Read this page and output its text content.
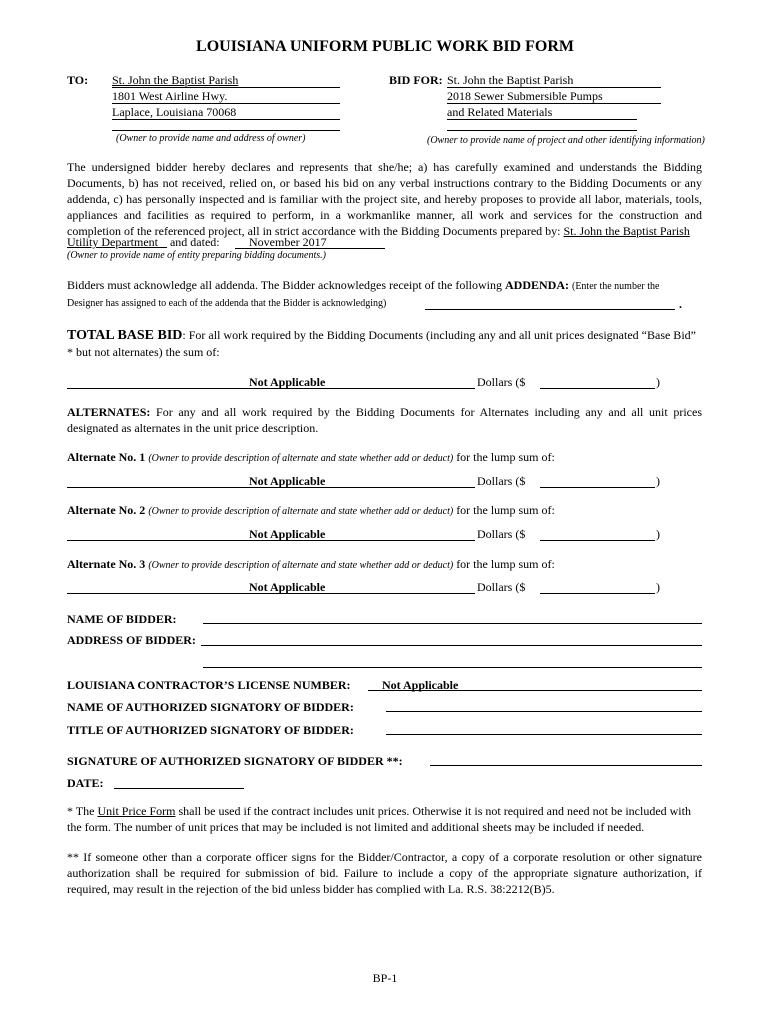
LOUISIANA UNIFORM PUBLIC WORK BID FORM
TO: St. John the Baptist Parish
1801 West Airline Hwy.
Laplace, Louisiana 70068
(Owner to provide name and address of owner)
BID FOR: St. John the Baptist Parish
2018 Sewer Submersible Pumps
and Related Materials
(Owner to provide name of project and other identifying information)
The undersigned bidder hereby declares and represents that she/he; a) has carefully examined and understands the Bidding Documents, b) has not received, relied on, or based his bid on any verbal instructions contrary to the Bidding Documents or any addenda, c) has personally inspected and is familiar with the project site, and hereby proposes to provide all labor, materials, tools, appliances and facilities as required to perform, in a workmanlike manner, all work and services for the construction and completion of the referenced project, all in strict accordance with the Bidding Documents prepared by: St. John the Baptist Parish
Utility Department and dated:	November 2017
(Owner to provide name of entity preparing bidding documents.)
Bidders must acknowledge all addenda. The Bidder acknowledges receipt of the following ADDENDA: (Enter the number the
Designer has assigned to each of the addenda that the Bidder is acknowledging)	.
TOTAL BASE BID: For all work required by the Bidding Documents (including any and all unit prices designated “Base Bid” * but not alternates) the sum of:
Not Applicable	Dollars ($	)
ALTERNATES: For any and all work required by the Bidding Documents for Alternates including any and all unit prices designated as alternates in the unit price description.
Alternate No. 1 (Owner to provide description of alternate and state whether add or deduct) for the lump sum of:
Not Applicable	Dollars ($	)
Alternate No. 2 (Owner to provide description of alternate and state whether add or deduct) for the lump sum of:
Not Applicable	Dollars ($	)
Alternate No. 3 (Owner to provide description of alternate and state whether add or deduct) for the lump sum of:
Not Applicable	Dollars ($	)
NAME OF BIDDER:
ADDRESS OF BIDDER:
LOUISIANA CONTRACTOR’S LICENSE NUMBER:	Not Applicable
NAME OF AUTHORIZED SIGNATORY OF BIDDER:
TITLE OF AUTHORIZED SIGNATORY OF BIDDER:
SIGNATURE OF AUTHORIZED SIGNATORY OF BIDDER **:
DATE:
* The Unit Price Form shall be used if the contract includes unit prices. Otherwise it is not required and need not be included with the form. The number of unit prices that may be included is not limited and additional sheets may be included if needed.
** If someone other than a corporate officer signs for the Bidder/Contractor, a copy of a corporate resolution or other signature authorization shall be required for submission of bid. Failure to include a copy of the appropriate signature authorization, if required, may result in the rejection of the bid unless bidder has complied with La. R.S. 38:2212(B)5.
BP-1
